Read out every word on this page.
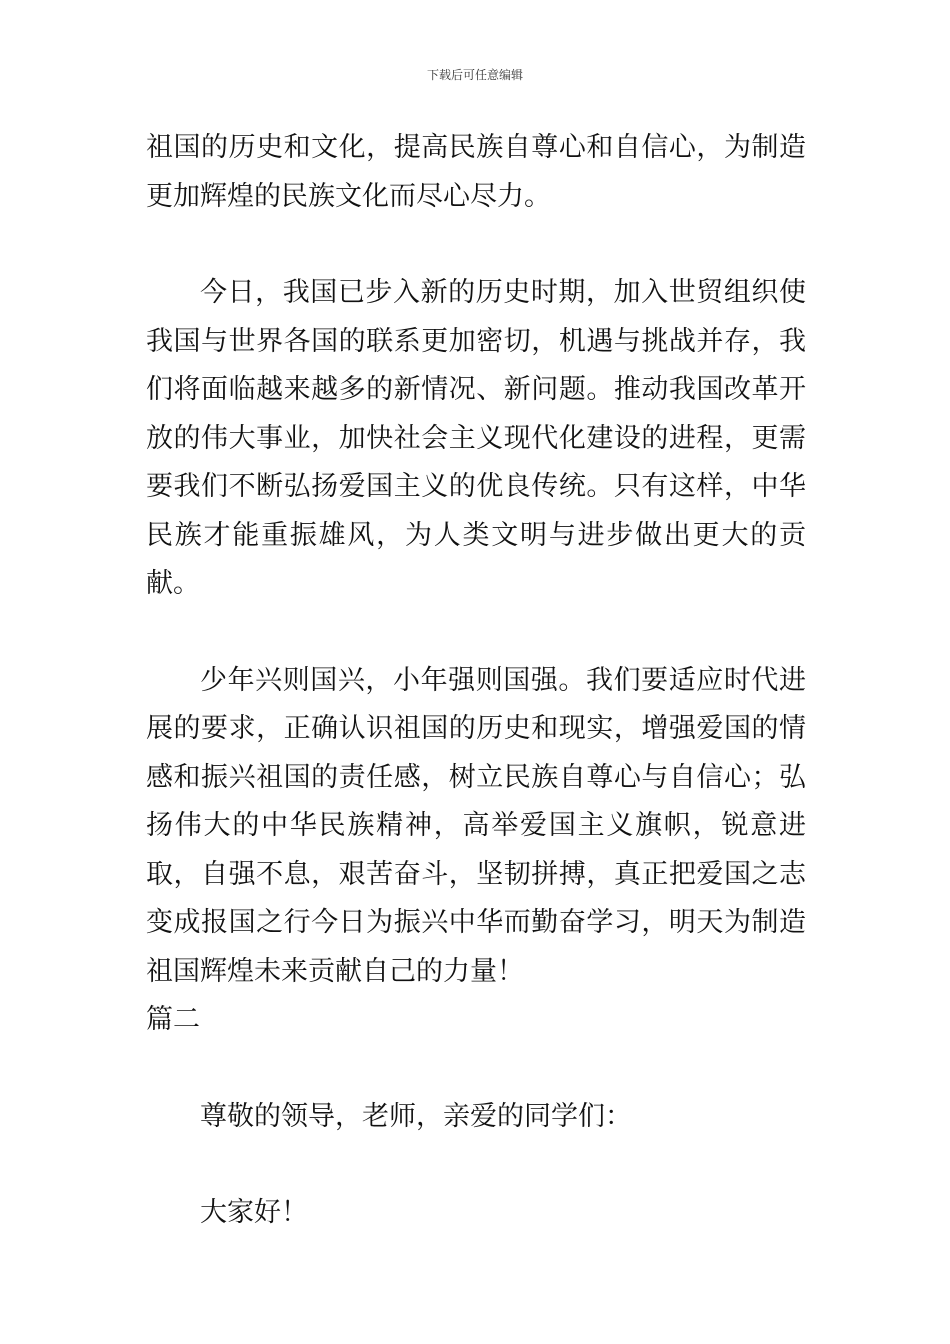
下载后可任意编辑

祖国的历史和文化，提高民族自尊心和自信心，为制造更加辉煌的民族文化而尽心尽力。

今日，我国已步入新的历史时期，加入世贸组织使我国与世界各国的联系更加密切，机遇与挑战并存，我们将面临越来越多的新情况、新问题。推动我国改革开放的伟大事业，加快社会主义现代化建设的进程，更需要我们不断弘扬爱国主义的优良传统。只有这样，中华民族才能重振雄风，为人类文明与进步做出更大的贡献。

少年兴则国兴，小年强则国强。我们要适应时代进展的要求，正确认识祖国的历史和现实，增强爱国的情感和振兴祖国的责任感，树立民族自尊心与自信心；弘扬伟大的中华民族精神，高举爱国主义旗帜，锐意进取，自强不息，艰苦奋斗，坚韧拼搏，真正把爱国之志变成报国之行今日为振兴中华而勤奋学习，明天为制造祖国辉煌未来贡献自己的力量！

篇二

尊敬的领导，老师，亲爱的同学们：

大家好！
